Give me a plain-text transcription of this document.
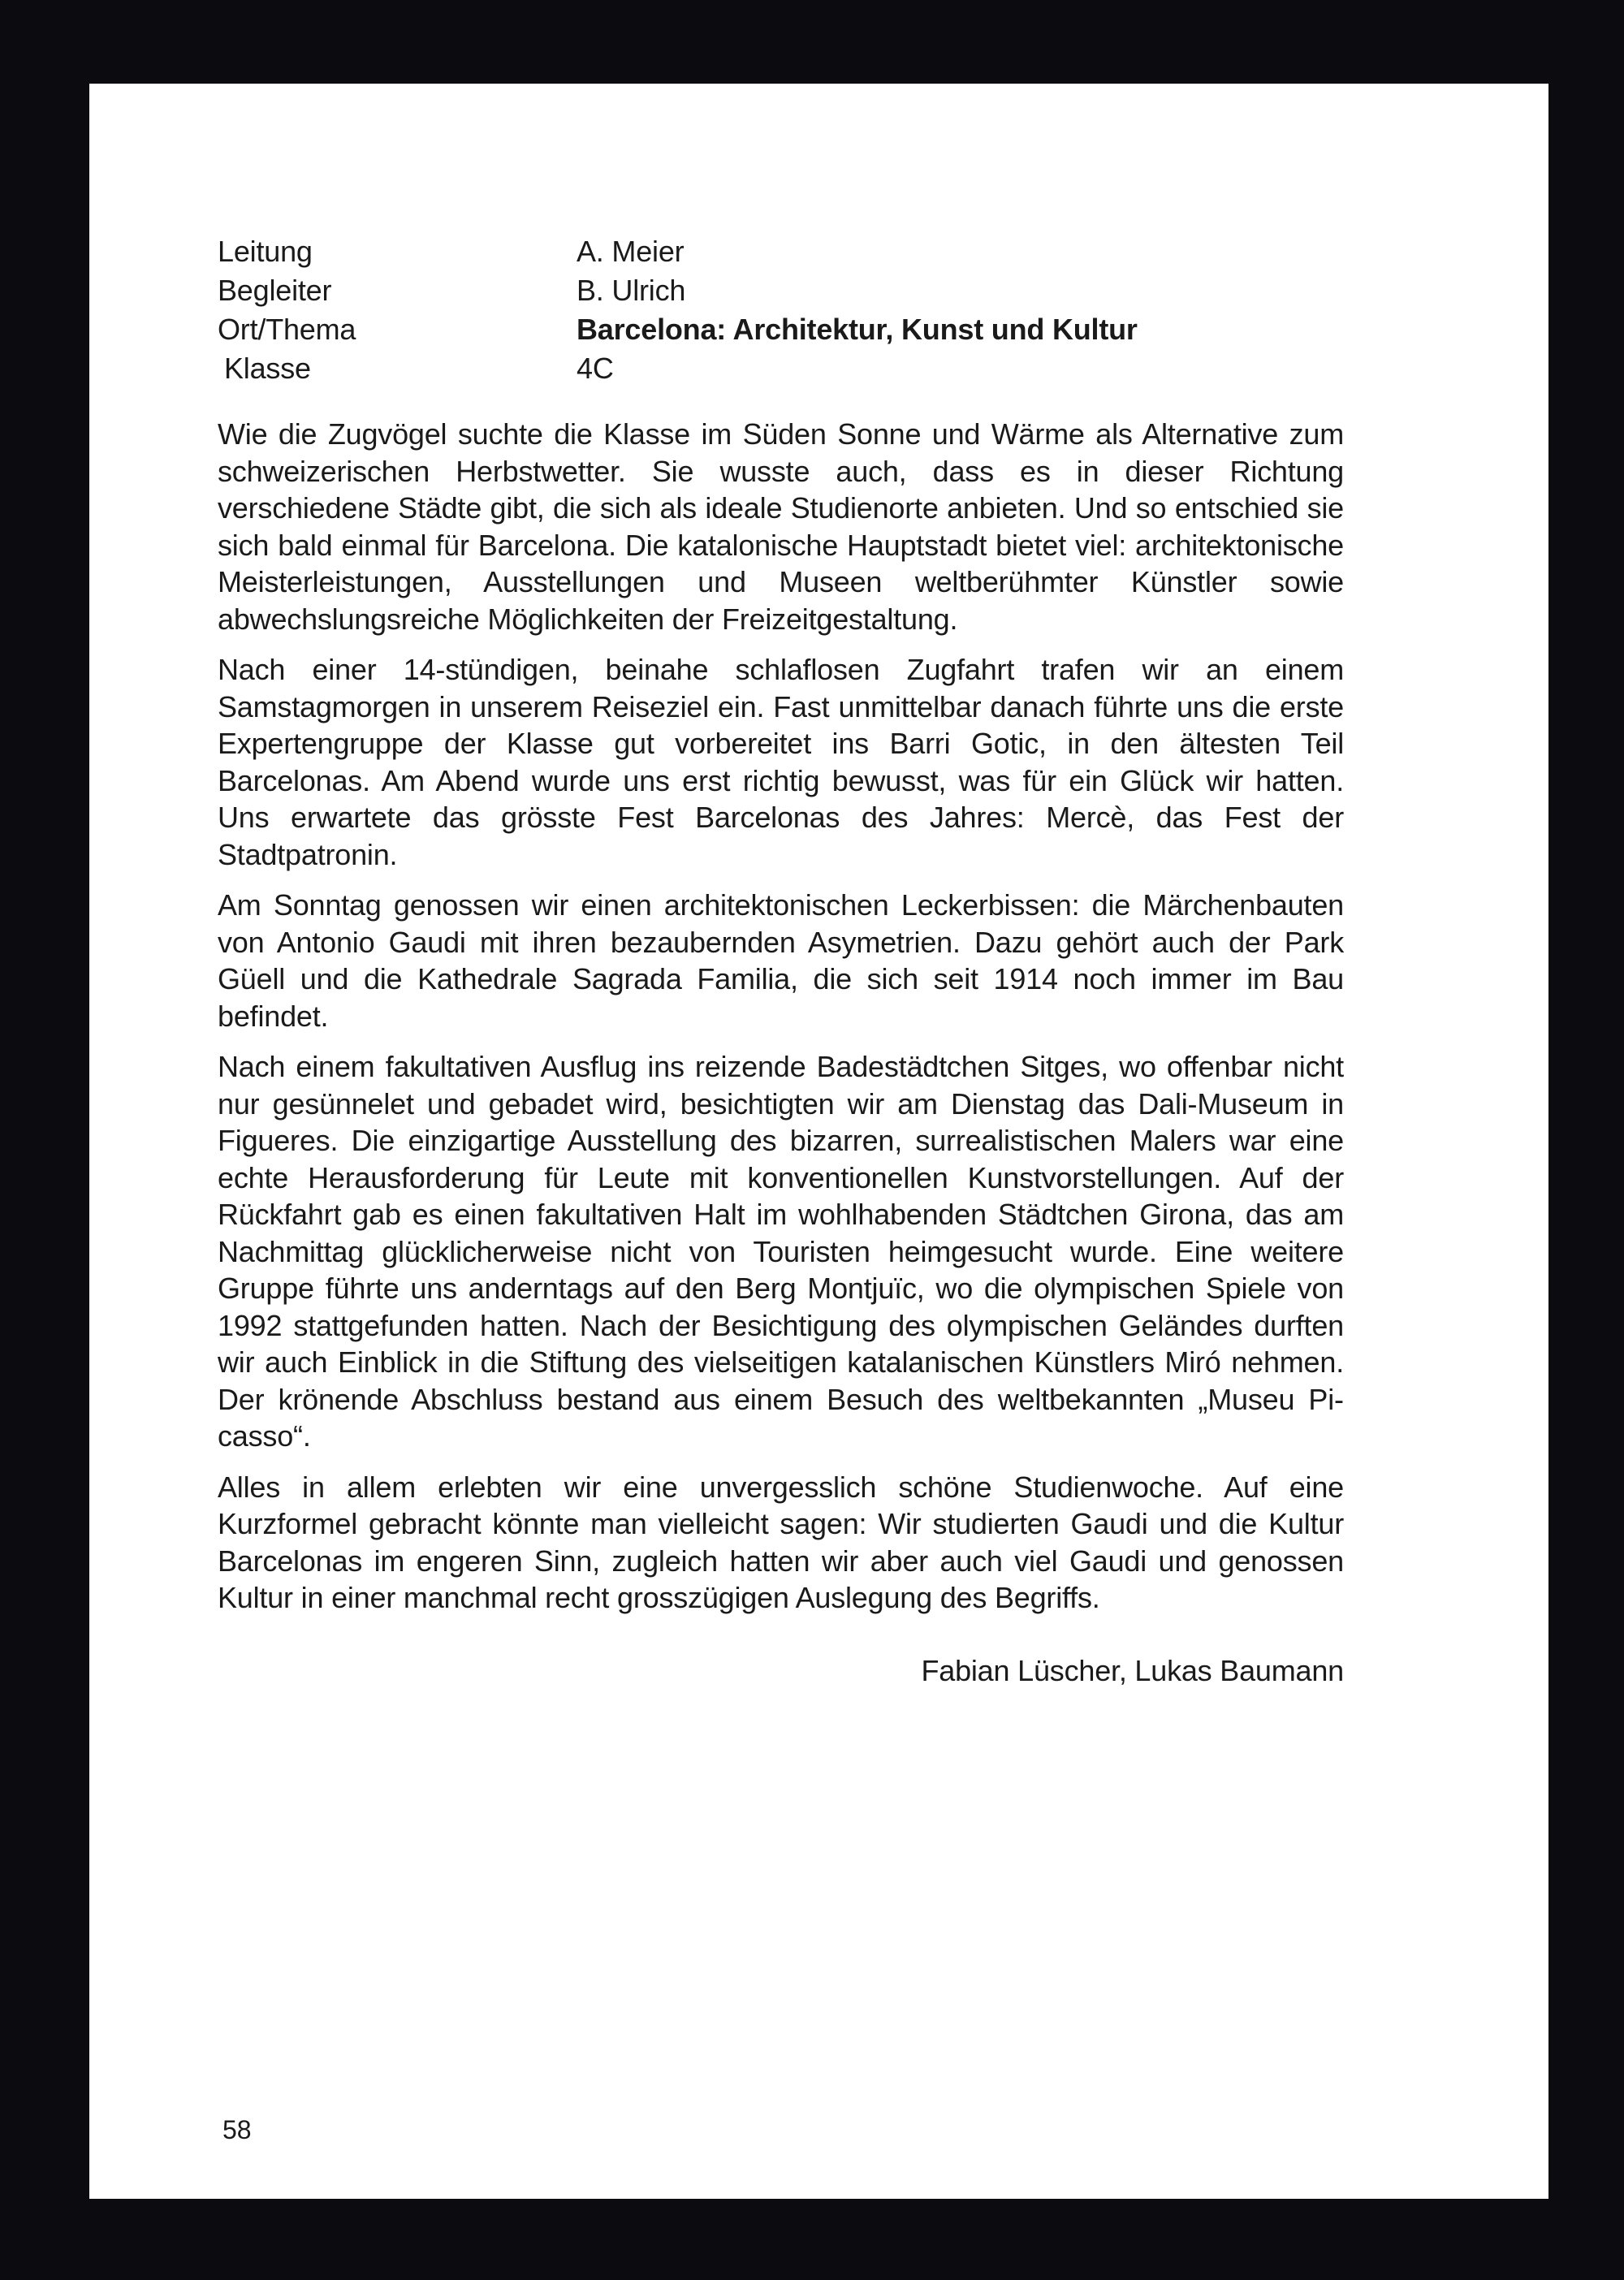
Leitung	A. Meier
Begleiter	B. Ulrich
Ort/Thema	Barcelona: Architektur, Kunst und Kultur
Klasse	4C

Wie die Zugvögel suchte die Klasse im Süden Sonne und Wärme als Alternative zum schweizerischen Herbstwetter. Sie wusste auch, dass es in dieser Richtung verschiedene Städte gibt, die sich als ideale Studienorte anbieten. Und so entschied sie sich bald einmal für Barcelona. Die katalonische Hauptstadt bietet viel: architektonische Meisterleistungen, Ausstellungen und Museen weltberühmter Künstler sowie abwechslungsreiche Möglichkeiten der Freizeitgestaltung.

Nach einer 14-stündigen, beinahe schlaflosen Zugfahrt trafen wir an einem Samstagmorgen in unserem Reiseziel ein. Fast unmittelbar danach führte uns die erste Expertengruppe der Klasse gut vorbereitet ins Barri Gotic, in den ältesten Teil Barcelonas. Am Abend wurde uns erst richtig bewusst, was für ein Glück wir hatten. Uns erwartete das grösste Fest Barcelonas des Jahres: Mercè, das Fest der Stadtpatronin.

Am Sonntag genossen wir einen architektonischen Leckerbissen: die Märchenbauten von Antonio Gaudi mit ihren bezaubernden Asymetrien. Dazu gehört auch der Park Güell und die Kathedrale Sagrada Familia, die sich seit 1914 noch immer im Bau befindet.

Nach einem fakultativen Ausflug ins reizende Badestädtchen Sitges, wo offenbar nicht nur gesünnelet und gebadet wird, besichtigten wir am Dienstag das Dali-Museum in Figueres. Die einzigartige Ausstellung des bizarren, surrealistischen Malers war eine echte Herausforderung für Leute mit konventionellen Kunstvorstellungen. Auf der Rückfahrt gab es einen fakultativen Halt im wohlhabenden Städtchen Girona, das am Nachmittag glücklicherweise nicht von Touristen heimgesucht wurde. Eine weitere Gruppe führte uns anderntags auf den Berg Montjuïc, wo die olympischen Spiele von 1992 stattgefunden hatten. Nach der Besichtigung des olympischen Geländes durften wir auch Einblick in die Stiftung des vielseitigen katalanischen Künstlers Miró nehmen. Der krönende Abschluss bestand aus einem Besuch des weltbekannten „Museu Picasso“.

Alles in allem erlebten wir eine unvergesslich schöne Studienwoche. Auf eine Kurzformel gebracht könnte man vielleicht sagen: Wir studierten Gaudi und die Kultur Barcelonas im engeren Sinn, zugleich hatten wir aber auch viel Gaudi und genossen Kultur in einer manchmal recht grosszügigen Auslegung des Begriffs.

Fabian Lüscher, Lukas Baumann
58
